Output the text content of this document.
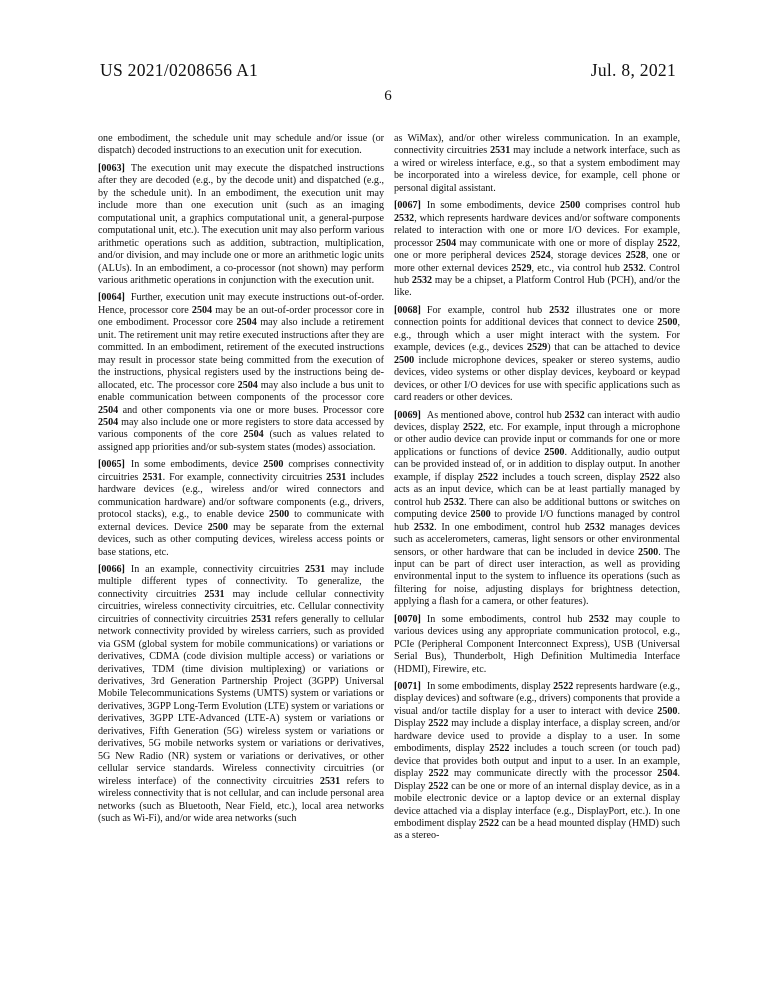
US 2021/0208656 A1	Jul. 8, 2021
6

one embodiment, the schedule unit may schedule and/or issue (or dispatch) decoded instructions to an execution unit for execution.

[0063] The execution unit may execute the dispatched instructions after they are decoded (e.g., by the decode unit) and dispatched (e.g., by the schedule unit). In an embodiment, the execution unit may include more than one execution unit (such as an imaging computational unit, a graphics computational unit, a general-purpose computational unit, etc.). The execution unit may also perform various arithmetic operations such as addition, subtraction, multiplication, and/or division, and may include one or more an arithmetic logic units (ALUs). In an embodiment, a co-processor (not shown) may perform various arithmetic operations in conjunction with the execution unit.

[0064] Further, execution unit may execute instructions out-of-order. Hence, processor core 2504 may be an out-of-order processor core in one embodiment. Processor core 2504 may also include a retirement unit. The retirement unit may retire executed instructions after they are committed. In an embodiment, retirement of the executed instructions may result in processor state being committed from the execution of the instructions, physical registers used by the instructions being de-allocated, etc. The processor core 2504 may also include a bus unit to enable communication between components of the processor core 2504 and other components via one or more buses. Processor core 2504 may also include one or more registers to store data accessed by various components of the core 2504 (such as values related to assigned app priorities and/or sub-system states (modes) association.

[0065] In some embodiments, device 2500 comprises connectivity circuitries 2531. For example, connectivity circuitries 2531 includes hardware devices (e.g., wireless and/or wired connectors and communication hardware) and/or software components (e.g., drivers, protocol stacks), e.g., to enable device 2500 to communicate with external devices. Device 2500 may be separate from the external devices, such as other computing devices, wireless access points or base stations, etc.

[0066] In an example, connectivity circuitries 2531 may include multiple different types of connectivity. To generalize, the connectivity circuitries 2531 may include cellular connectivity circuitries, wireless connectivity circuitries, etc. Cellular connectivity circuitries of connectivity circuitries 2531 refers generally to cellular network connectivity provided by wireless carriers, such as provided via GSM (global system for mobile communications) or variations or derivatives, CDMA (code division multiple access) or variations or derivatives, TDM (time division multiplexing) or variations or derivatives, 3rd Generation Partnership Project (3GPP) Universal Mobile Telecommunications Systems (UMTS) system or variations or derivatives, 3GPP Long-Term Evolution (LTE) system or variations or derivatives, 3GPP LTE-Advanced (LTE-A) system or variations or derivatives, Fifth Generation (5G) wireless system or variations or derivatives, 5G mobile networks system or variations or derivatives, 5G New Radio (NR) system or variations or derivatives, or other cellular service standards. Wireless connectivity circuitries (or wireless interface) of the connectivity circuitries 2531 refers to wireless connectivity that is not cellular, and can include personal area networks (such as Bluetooth, Near Field, etc.), local area networks (such as Wi-Fi), and/or wide area networks (such

as WiMax), and/or other wireless communication. In an example, connectivity circuitries 2531 may include a network interface, such as a wired or wireless interface, e.g., so that a system embodiment may be incorporated into a wireless device, for example, cell phone or personal digital assistant.

[0067] In some embodiments, device 2500 comprises control hub 2532, which represents hardware devices and/or software components related to interaction with one or more I/O devices. For example, processor 2504 may communicate with one or more of display 2522, one or more peripheral devices 2524, storage devices 2528, one or more other external devices 2529, etc., via control hub 2532. Control hub 2532 may be a chipset, a Platform Control Hub (PCH), and/or the like.

[0068] For example, control hub 2532 illustrates one or more connection points for additional devices that connect to device 2500, e.g., through which a user might interact with the system. For example, devices (e.g., devices 2529) that can be attached to device 2500 include microphone devices, speaker or stereo systems, audio devices, video systems or other display devices, keyboard or keypad devices, or other I/O devices for use with specific applications such as card readers or other devices.

[0069] As mentioned above, control hub 2532 can interact with audio devices, display 2522, etc. For example, input through a microphone or other audio device can provide input or commands for one or more applications or functions of device 2500. Additionally, audio output can be provided instead of, or in addition to display output. In another example, if display 2522 includes a touch screen, display 2522 also acts as an input device, which can be at least partially managed by control hub 2532. There can also be additional buttons or switches on computing device 2500 to provide I/O functions managed by control hub 2532. In one embodiment, control hub 2532 manages devices such as accelerometers, cameras, light sensors or other environmental sensors, or other hardware that can be included in device 2500. The input can be part of direct user interaction, as well as providing environmental input to the system to influence its operations (such as filtering for noise, adjusting displays for brightness detection, applying a flash for a camera, or other features).

[0070] In some embodiments, control hub 2532 may couple to various devices using any appropriate communication protocol, e.g., PCIe (Peripheral Component Interconnect Express), USB (Universal Serial Bus), Thunderbolt, High Definition Multimedia Interface (HDMI), Firewire, etc.

[0071] In some embodiments, display 2522 represents hardware (e.g., display devices) and software (e.g., drivers) components that provide a visual and/or tactile display for a user to interact with device 2500. Display 2522 may include a display interface, a display screen, and/or hardware device used to provide a display to a user. In some embodiments, display 2522 includes a touch screen (or touch pad) device that provides both output and input to a user. In an example, display 2522 may communicate directly with the processor 2504. Display 2522 can be one or more of an internal display device, as in a mobile electronic device or a laptop device or an external display device attached via a display interface (e.g., DisplayPort, etc.). In one embodiment display 2522 can be a head mounted display (HMD) such as a stereo-
